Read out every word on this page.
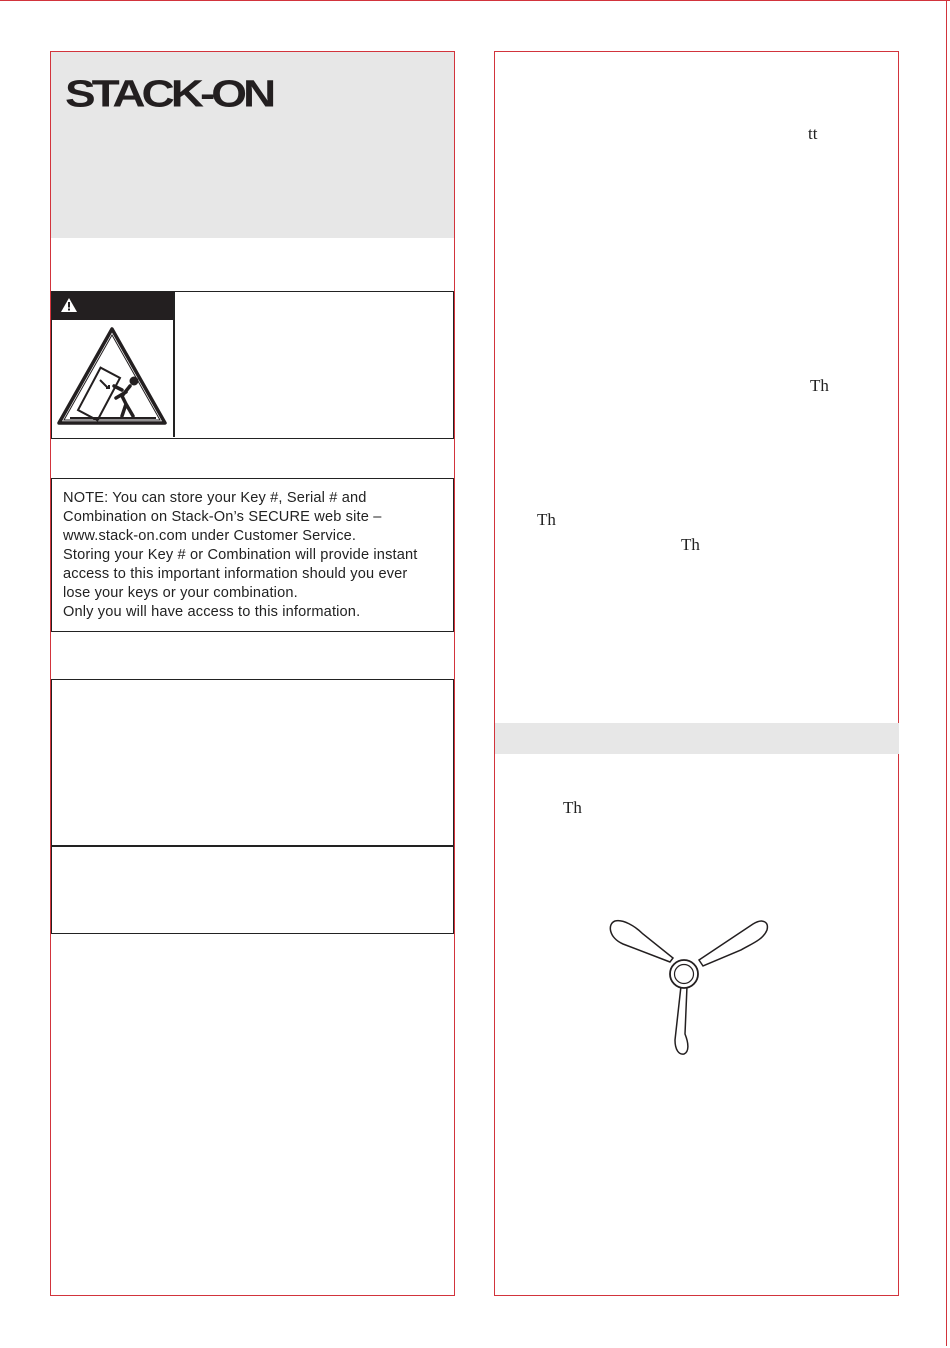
STACK-ON
NOTE: You can store your Key #, Serial # and
Combination on Stack-On’s SECURE web site –
www.stack-on.com under Customer Service.
Storing your Key # or Combination will provide instant
access to this important information should you ever
lose your keys or your combination.
Only you will have access to this information.
tt
Th
Th
Th
Th
